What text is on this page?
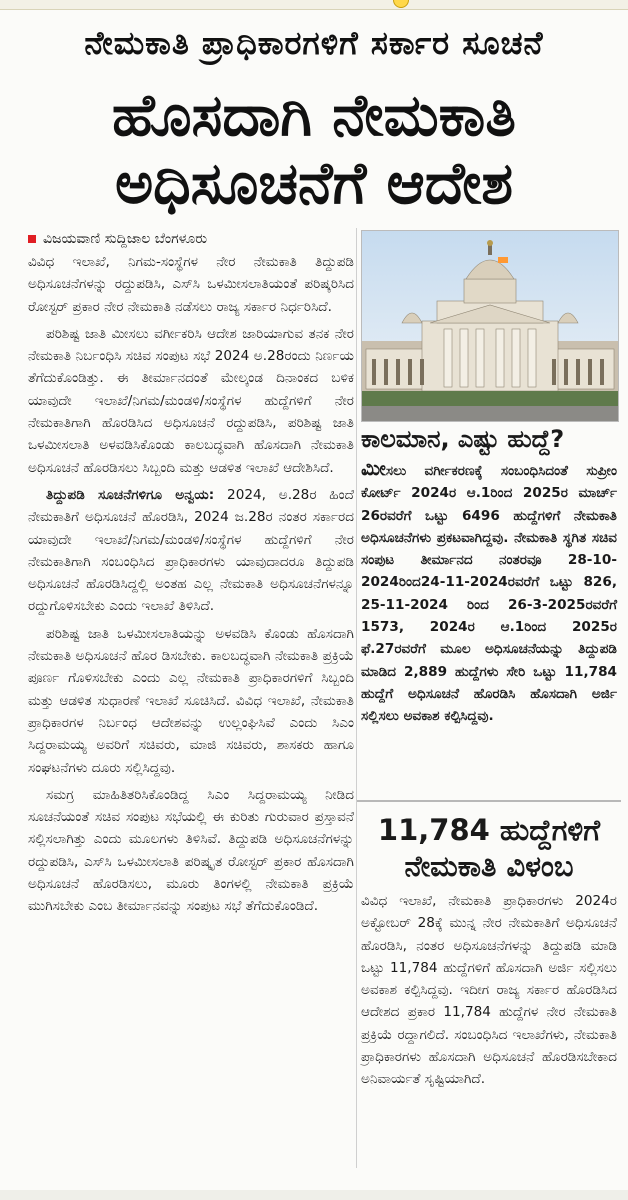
ನೇಮಕಾತಿ ಪ್ರಾಧಿಕಾರಗಳಿಗೆ ಸರ್ಕಾರ ಸೂಚನೆ
ಹೊಸದಾಗಿ ನೇಮಕಾತಿ
ಅಧಿಸೂಚನೆಗೆ ಆದೇಶ
ವಿಜಯವಾಣಿ ಸುದ್ದಿಜಾಲ ಬೆಂಗಳೂರು

ವಿವಿಧ ಇಲಾಖೆ, ನಿಗಮ-ಸಂಸ್ಥೆಗಳ ನೇರ ನೇಮಕಾತಿ ತಿದ್ದುಪಡಿ ಅಧಿಸೂಚನೆಗಳನ್ನು ರದ್ದುಪಡಿಸಿ, ಎಸ್‌ಸಿ ಒಳಮೀಸಲಾತಿಯಂತೆ ಪರಿಷ್ಕರಿಸಿದ ರೋಸ್ಟರ್ ಪ್ರಕಾರ ನೇರ ನೇಮಕಾತಿ ನಡೆಸಲು ರಾಜ್ಯ ಸರ್ಕಾರ ನಿರ್ಧರಿಸಿದೆ.

ಪರಿಶಿಷ್ಟ ಜಾತಿ ಮೀಸಲು ವರ್ಗೀಕರಿಸಿ ಆದೇಶ ಜಾರಿಯಾಗುವ ತನಕ ನೇರ ನೇಮಕಾತಿ ನಿರ್ಬಂಧಿಸಿ ಸಚಿವ ಸಂಪುಟ ಸಭೆ 2024 ಅ.28ರಂದು ನಿರ್ಣಯ ತೆಗೆದುಕೊಂಡಿತ್ತು. ಈ ತೀರ್ಮಾನದಂತೆ ಮೇಲ್ಕಂಡ ದಿನಾಂಕದ ಬಳಿಕ ಯಾವುದೇ ಇಲಾಖೆ/ನಿಗಮ/ಮಂಡಳಿ/ಸಂಸ್ಥೆಗಳ ಹುದ್ದೆಗಳಿಗೆ ನೇರ ನೇಮಕಾತಿಗಾಗಿ ಹೊರಡಿಸಿದ ಅಧಿಸೂಚನೆ ರದ್ದುಪಡಿಸಿ, ಪರಿಶಿಷ್ಟ ಜಾತಿ ಒಳಮೀಸಲಾತಿ ಅಳವಡಿಸಿಕೊಂಡು ಕಾಲಬದ್ಧವಾಗಿ ಹೊಸದಾಗಿ ನೇಮಕಾತಿ ಅಧಿಸೂಚನೆ ಹೊರಡಿಸಲು ಸಿಬ್ಬಂದಿ ಮತ್ತು ಆಡಳಿತ ಇಲಾಖೆ ಆದೇಶಿಸಿದೆ.

ತಿದ್ದುಪಡಿ ಸೂಚನೆಗಳಿಗೂ ಅನ್ವಯ: 2024, ಅ.28ರ ಹಿಂದೆ ನೇಮಕಾತಿಗೆ ಅಧಿಸೂಚನೆ ಹೊರಡಿಸಿ, 2024 ಜ.28ರ ನಂತರ ಸರ್ಕಾರದ ಯಾವುದೇ ಇಲಾಖೆ/ನಿಗಮ/ಮಂಡಳಿ/ಸಂಸ್ಥೆಗಳ ಹುದ್ದೆಗಳಿಗೆ ನೇರ ನೇಮಕಾತಿಗಾಗಿ ಸಂಬಂಧಿಸಿದ ಪ್ರಾಧಿಕಾರಗಳು ಯಾವುದಾದರೂ ತಿದ್ದುಪಡಿ ಅಧಿಸೂಚನೆ ಹೊರಡಿಸಿದ್ದಲ್ಲಿ ಅಂತಹ ಎಲ್ಲ ನೇಮಕಾತಿ ಅಧಿಸೂಚನೆಗಳನ್ನೂ ರದ್ದುಗೊಳಿಸಬೇಕು ಎಂದು ಇಲಾಖೆ ತಿಳಿಸಿದೆ.

ಪರಿಶಿಷ್ಟ ಜಾತಿ ಒಳಮೀಸಲಾತಿಯನ್ನು ಅಳವಡಿಸಿ ಕೊಂಡು ಹೊಸದಾಗಿ ನೇಮಕಾತಿ ಅಧಿಸೂಚನೆ ಹೊರ ಡಿಸಬೇಕು. ಕಾಲಬದ್ಧವಾಗಿ ನೇಮಕಾತಿ ಪ್ರಕ್ರಿಯೆ ಪೂರ್ಣ ಗೊಳಿಸಬೇಕು ಎಂದು ಎಲ್ಲ ನೇಮಕಾತಿ ಪ್ರಾಧಿಕಾರಗಳಿಗೆ ಸಿಬ್ಬಂದಿ ಮತ್ತು ಆಡಳಿತ ಸುಧಾರಣೆ ಇಲಾಖೆ ಸೂಚಿಸಿದೆ. ವಿವಿಧ ಇಲಾಖೆ, ನೇಮಕಾತಿ ಪ್ರಾಧಿಕಾರಗಳ ನಿರ್ಬಂಧ ಆದೇಶವನ್ನು ಉಲ್ಲಂಘಿಸಿವೆ ಎಂದು ಸಿಎಂ ಸಿದ್ದರಾಮಯ್ಯ ಅವರಿಗೆ ಸಚಿವರು, ಮಾಜಿ ಸಚಿವರು, ಶಾಸಕರು ಹಾಗೂ ಸಂಘಟನೆಗಳು ದೂರು ಸಲ್ಲಿಸಿದ್ದವು.

ಸಮಗ್ರ ಮಾಹಿತಿತರಿಸಿಕೊಂಡಿದ್ದ ಸಿಎಂ ಸಿದ್ದರಾಮಯ್ಯ ನೀಡಿದ ಸೂಚನೆಯಂತೆ ಸಚಿವ ಸಂಪುಟ ಸಭೆಯಲ್ಲಿ ಈ ಕುರಿತು ಗುರುವಾರ ಪ್ರಸ್ತಾವನೆ ಸಲ್ಲಿಸಲಾಗಿತ್ತು ಎಂದು ಮೂಲಗಳು ತಿಳಿಸಿವೆ. ತಿದ್ದುಪಡಿ ಅಧಿಸೂಚನೆಗಳನ್ನು ರದ್ದುಪಡಿಸಿ, ಎಸ್‌ಸಿ ಒಳಮೀಸಲಾತಿ ಪರಿಷ್ಕೃತ ರೋಸ್ಟರ್ ಪ್ರಕಾರ ಹೊಸದಾಗಿ ಅಧಿಸೂಚನೆ ಹೊರಡಿಸಲು, ಮೂರು ತಿಂಗಳಲ್ಲಿ ನೇಮಕಾತಿ ಪ್ರಕ್ರಿಯೆ ಮುಗಿಸಬೇಕು ಎಂಬ ತೀರ್ಮಾನವನ್ನು ಸಂಪುಟ ಸಭೆ ತೆಗೆದುಕೊಂಡಿದೆ.

ಕಾಲಮಾನ, ಎಷ್ಟು ಹುದ್ದೆ?

ಮೀಸಲು ವರ್ಗೀಕರಣಕ್ಕೆ ಸಂಬಂಧಿಸಿದಂತೆ ಸುಪ್ರೀಂ ಕೋರ್ಟ್ 2024ರ ಆ.1ರಿಂದ 2025ರ ಮಾರ್ಚ್ 26ರವರೆಗೆ ಒಟ್ಟು 6496 ಹುದ್ದೆಗಳಿಗೆ ನೇಮಕಾತಿ ಅಧಿಸೂಚನೆಗಳು ಪ್ರಕಟವಾಗಿದ್ದವು. ನೇಮಕಾತಿ ಸ್ಥಗಿತ ಸಚಿವ ಸಂಪುಟ ತೀರ್ಮಾನದ ನಂತರವೂ 28-10-2024ರಿಂದ24-11-2024ರವರೆಗೆ ಒಟ್ಟು 826, 25-11-2024 ರಿಂದ 26-3-2025ರವರೆಗೆ 1573, 2024ರ ಆ.1ರಿಂದ 2025ರ ಫೆ.27ರವರೆಗೆ ಮೂಲ ಅಧಿಸೂಚನೆಯನ್ನು ತಿದ್ದುಪಡಿ ಮಾಡಿದ 2,889 ಹುದ್ದೆಗಳು ಸೇರಿ ಒಟ್ಟು 11,784 ಹುದ್ದೆಗೆ ಅಧಿಸೂಚನೆ ಹೊರಡಿಸಿ ಹೊಸದಾಗಿ ಅರ್ಜಿ ಸಲ್ಲಿಸಲು ಅವಕಾಶ ಕಲ್ಪಿಸಿದ್ದವು.

11,784 ಹುದ್ದೆಗಳಿಗೆ
ನೇಮಕಾತಿ ವಿಳಂಬ

ವಿವಿಧ ಇಲಾಖೆ, ನೇಮಕಾತಿ ಪ್ರಾಧಿಕಾರಗಳು 2024ರ ಅಕ್ಟೋಬರ್ 28ಕ್ಕೆ ಮುನ್ನ ನೇರ ನೇಮಕಾತಿಗೆ ಅಧಿಸೂಚನೆ ಹೊರಡಿಸಿ, ನಂತರ ಅಧಿಸೂಚನೆಗಳನ್ನು ತಿದ್ದುಪಡಿ ಮಾಡಿ ಒಟ್ಟು 11,784 ಹುದ್ದೆಗಳಿಗೆ ಹೊಸದಾಗಿ ಅರ್ಜಿ ಸಲ್ಲಿಸಲು ಅವಕಾಶ ಕಲ್ಪಿಸಿದ್ದವು. ಇದೀಗ ರಾಜ್ಯ ಸರ್ಕಾರ ಹೊರಡಿಸಿದ ಆದೇಶದ ಪ್ರಕಾರ 11,784 ಹುದ್ದೆಗಳ ನೇರ ನೇಮಕಾತಿ ಪ್ರಕ್ರಿಯೆ ರದ್ದಾಗಲಿದೆ. ಸಂಬಂಧಿಸಿದ ಇಲಾಖೆಗಳು, ನೇಮಕಾತಿ ಪ್ರಾಧಿಕಾರಗಳು ಹೊಸದಾಗಿ ಅಧಿಸೂಚನೆ ಹೊರಡಿಸಬೇಕಾದ ಅನಿವಾರ್ಯತೆ ಸೃಷ್ಟಿಯಾಗಿದೆ.
